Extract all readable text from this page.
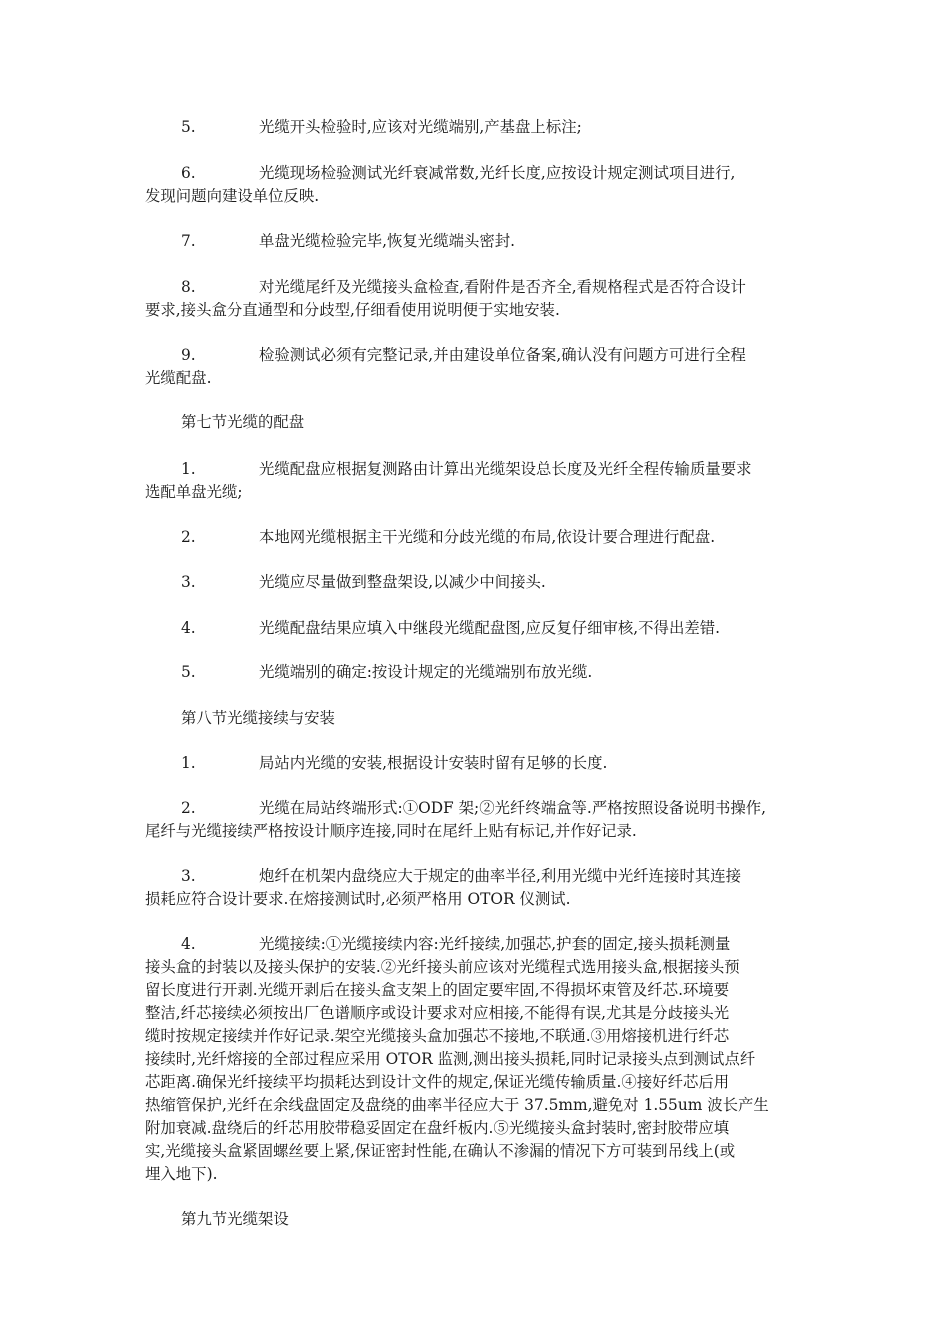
5.	光缆开头检验时,应该对光缆端别,产基盘上标注;
6.	光缆现场检验测试光纤衰减常数,光纤长度,应按设计规定测试项目进行,
发现问题向建设单位反映.
7.	单盘光缆检验完毕,恢复光缆端头密封.
8.	对光缆尾纤及光缆接头盒检查,看附件是否齐全,看规格程式是否符合设计
要求,接头盒分直通型和分歧型,仔细看使用说明便于实地安装.
9.	检验测试必须有完整记录,并由建设单位备案,确认没有问题方可进行全程
光缆配盘.
第七节光缆的配盘
1.	光缆配盘应根据复测路由计算出光缆架设总长度及光纤全程传输质量要求
选配单盘光缆;
2.	本地网光缆根据主干光缆和分歧光缆的布局,依设计要合理进行配盘.
3.	光缆应尽量做到整盘架设,以减少中间接头.
4.	光缆配盘结果应填入中继段光缆配盘图,应反复仔细审核,不得出差错.
5.	光缆端别的确定:按设计规定的光缆端别布放光缆.
第八节光缆接续与安装
1.	局站内光缆的安装,根据设计安装时留有足够的长度.
2.	光缆在局站终端形式:①ODF 架;②光纤终端盒等.严格按照设备说明书操作,
尾纤与光缆接续严格按设计顺序连接,同时在尾纤上贴有标记,并作好记录.
3.	炮纤在机架内盘绕应大于规定的曲率半径,利用光缆中光纤连接时其连接
损耗应符合设计要求.在熔接测试时,必须严格用 OTOR 仪测试.
4.	光缆接续:①光缆接续内容:光纤接续,加强芯,护套的固定,接头损耗测量
接头盒的封装以及接头保护的安装.②光纤接头前应该对光缆程式选用接头盒,根据接头预
留长度进行开剥.光缆开剥后在接头盒支架上的固定要牢固,不得损坏束管及纤芯.环境要
整洁,纤芯接续必须按出厂色谱顺序或设计要求对应相接,不能得有误,尤其是分歧接头光
缆时按规定接续并作好记录.架空光缆接头盒加强芯不接地,不联通.③用熔接机进行纤芯
接续时,光纤熔接的全部过程应采用 OTOR 监测,测出接头损耗,同时记录接头点到测试点纤
芯距离.确保光纤接续平均损耗达到设计文件的规定,保证光缆传输质量.④接好纤芯后用
热缩管保护,光纤在余线盘固定及盘绕的曲率半径应大于 37.5mm,避免对 1.55um 波长产生
附加衰减.盘绕后的纤芯用胶带稳妥固定在盘纤板内.⑤光缆接头盒封装时,密封胶带应填
实,光缆接头盒紧固螺丝要上紧,保证密封性能,在确认不渗漏的情况下方可装到吊线上(或
埋入地下).
第九节光缆架设
